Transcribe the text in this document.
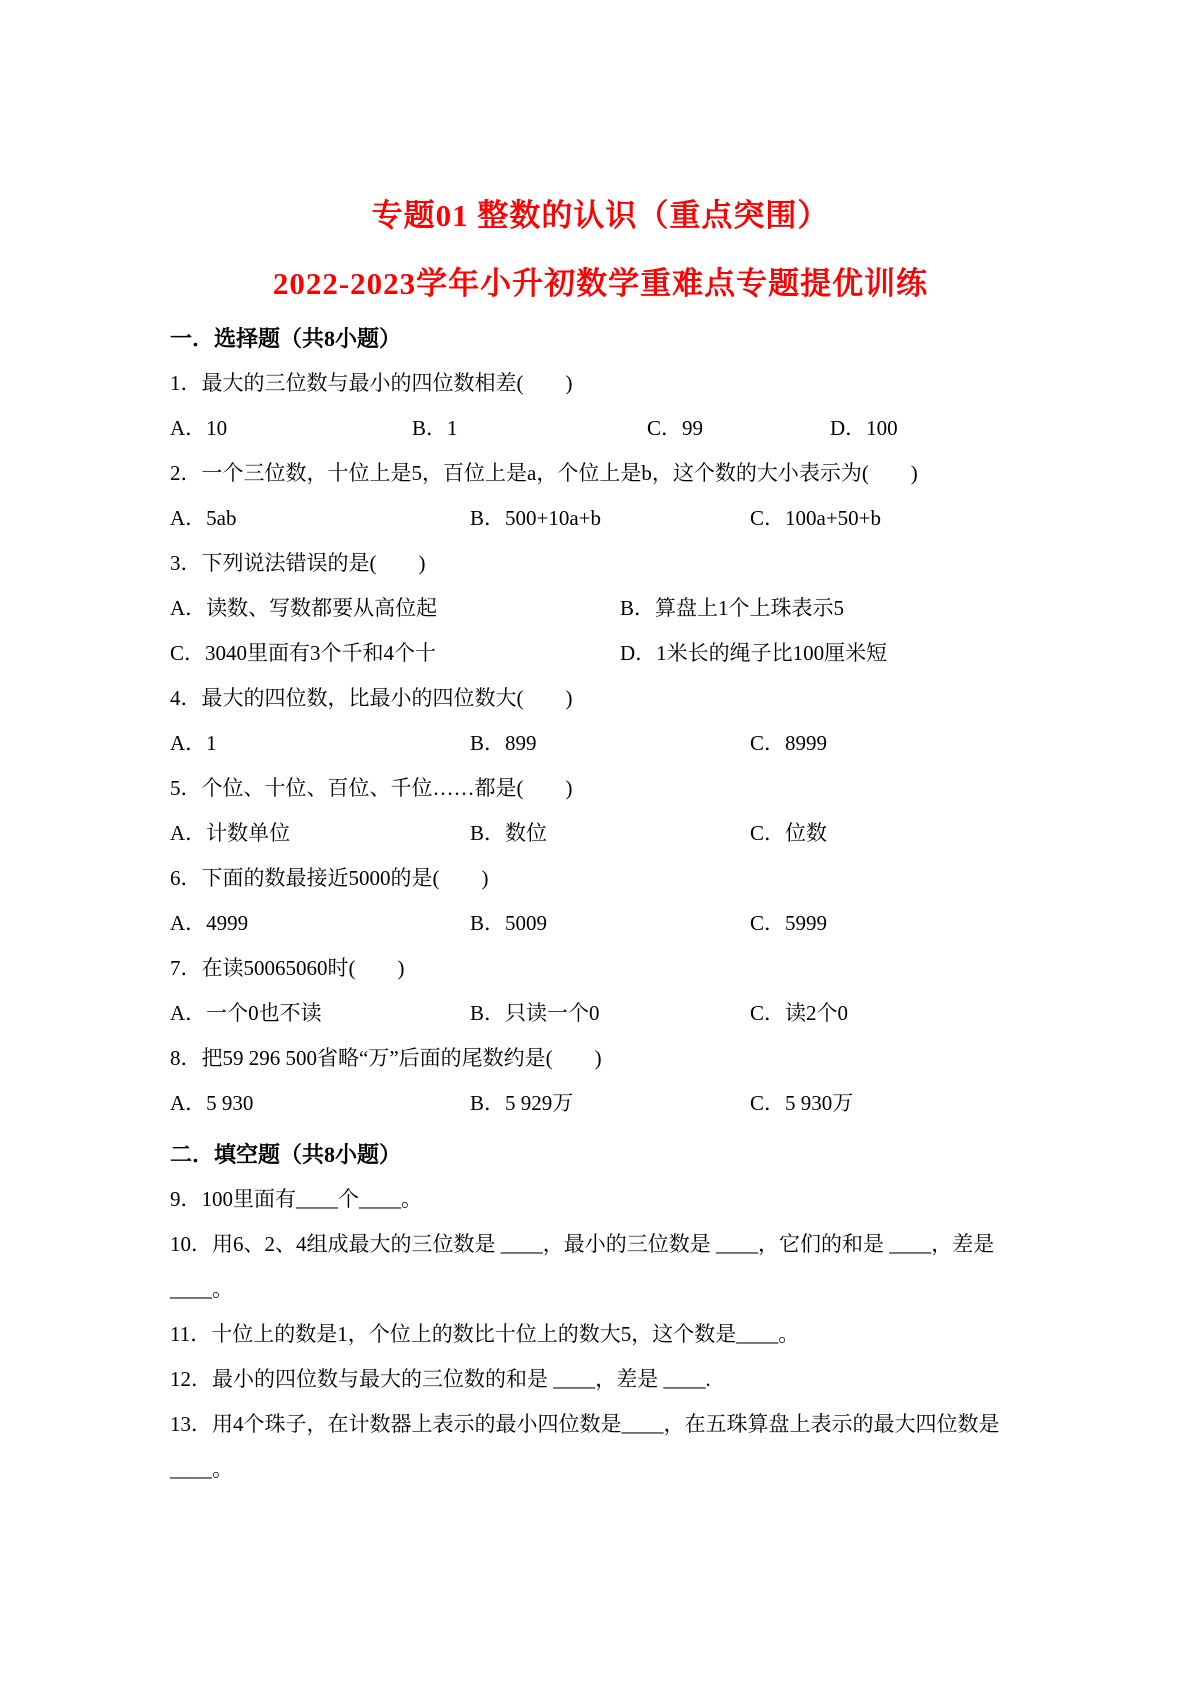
专题01 整数的认识（重点突围）
2022-2023学年小升初数学重难点专题提优训练
一．选择题（共8小题）
1．最大的三位数与最小的四位数相差(　　)
A．10	B．1	C．99	D．100
2．一个三位数，十位上是5，百位上是a，个位上是b，这个数的大小表示为(　　)
A．5ab	B．500+10a+b	C．100a+50+b
3．下列说法错误的是(　　)
A．读数、写数都要从高位起	B．算盘上1个上珠表示5
C．3040里面有3个千和4个十	D．1米长的绳子比100厘米短
4．最大的四位数，比最小的四位数大(　　)
A．1	B．899	C．8999
5．个位、十位、百位、千位……都是(　　)
A．计数单位	B．数位	C．位数
6．下面的数最接近5000的是(　　)
A．4999	B．5009	C．5999
7．在读50065060时(　　)
A．一个0也不读	B．只读一个0	C．读2个0
8．把59 296 500省略“万”后面的尾数约是(　　)
A．5 930	B．5 929万	C．5 930万
二．填空题（共8小题）
9．100里面有____个____。
10．用6、2、4组成最大的三位数是 ____，最小的三位数是 ____，它们的和是 ____，差是 ____。
11．十位上的数是1，个位上的数比十位上的数大5，这个数是____。
12．最小的四位数与最大的三位数的和是 ____，差是 ____.
13．用4个珠子，在计数器上表示的最小四位数是____，在五珠算盘上表示的最大四位数是____。
